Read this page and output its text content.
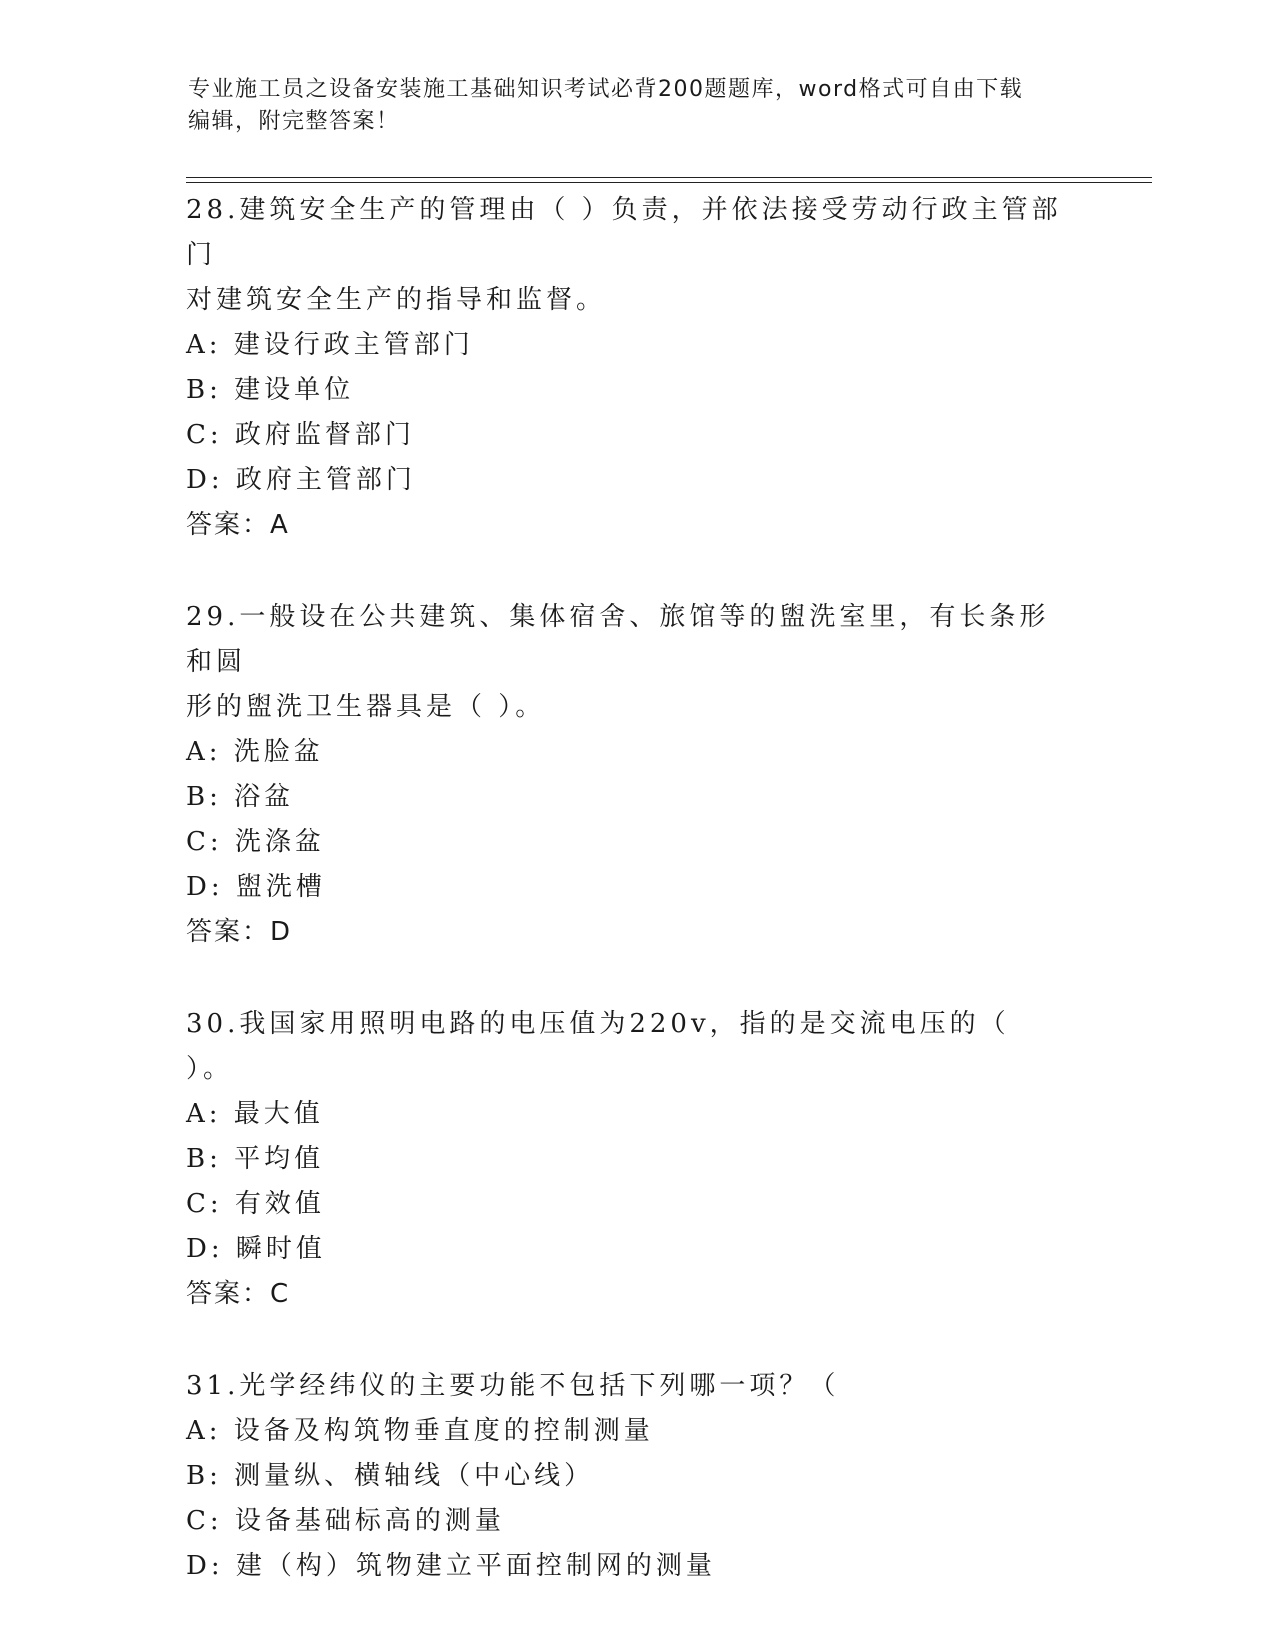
专业施工员之设备安装施工基础知识考试必背200题题库，word格式可自由下载
编辑，附完整答案！
28.建筑安全生产的管理由（ ）负责，并依法接受劳动行政主管部门
对建筑安全生产的指导和监督。
A: 建设行政主管部门
B: 建设单位
C: 政府监督部门
D: 政府主管部门
答案：A
29.一般设在公共建筑、集体宿舍、旅馆等的盥洗室里，有长条形和圆
形的盥洗卫生器具是（ ）。
A: 洗脸盆
B: 浴盆
C: 洗涤盆
D: 盥洗槽
答案：D
30.我国家用照明电路的电压值为220v，指的是交流电压的（ ）。
A: 最大值
B: 平均值
C: 有效值
D: 瞬时值
答案：C
31.光学经纬仪的主要功能不包括下列哪一项？（
A: 设备及构筑物垂直度的控制测量
B: 测量纵、横轴线（中心线）
C: 设备基础标高的测量
D: 建（构）筑物建立平面控制网的测量
